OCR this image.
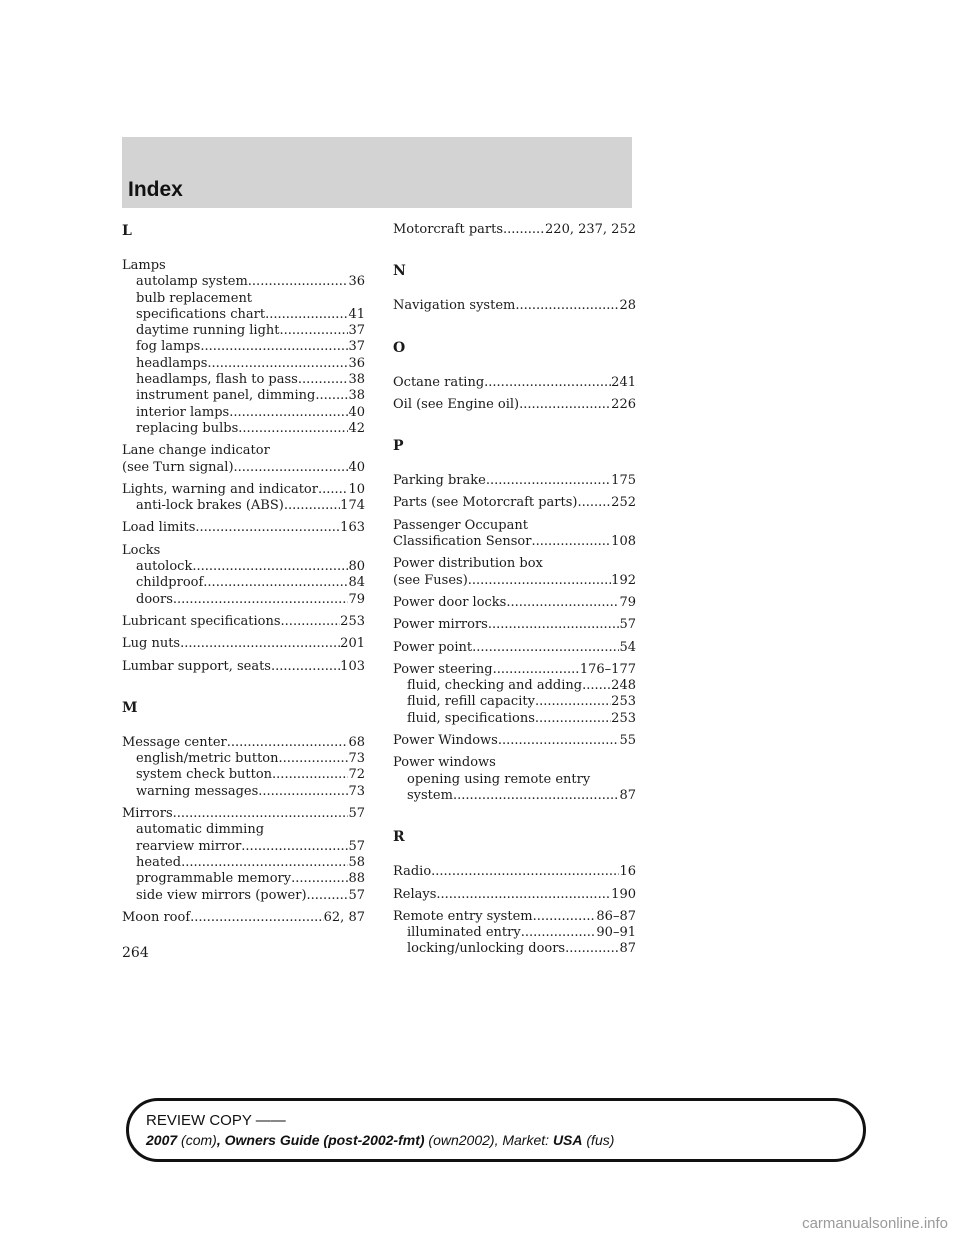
Index
L
Lamps
autolamp system .....	36
bulb replacement
specifications chart .....	41
daytime running light .....	37
fog lamps .....	37
headlamps .....	36
headlamps, flash to pass .....	38
instrument panel, dimming .....	38
interior lamps .....	40
replacing bulbs .....	42
Lane change indicator
(see Turn signal) .....	40
Lights, warning and indicator ..... 10
anti-lock brakes (ABS) .....	174
Load limits .....	163
Locks
autolock .....	80
childproof .....	84
doors .....	79
Lubricant specifications .....	253
Lug nuts .....	201
Lumbar support, seats .....	103
M
Message center .....	68
english/metric button .....	73
system check button .....	72
warning messages .....	73
Mirrors .....	57
automatic dimming
rearview mirror .....	57
heated .....	58
programmable memory .....	88
side view mirrors (power) .....	57
Moon roof .....	62, 87
Motorcraft parts .....	220, 237, 252
N
Navigation system .....	28
O
Octane rating .....	241
Oil (see Engine oil) .....	226
P
Parking brake .....	175
Parts (see Motorcraft parts) .....	252
Passenger Occupant
Classification Sensor .....	108
Power distribution box
(see Fuses) .....	192
Power door locks .....	79
Power mirrors .....	57
Power point .....	54
Power steering .....	176–177
fluid, checking and adding ..... 248
fluid, refill capacity .....	253
fluid, specifications .....	253
Power Windows .....	55
Power windows
opening using remote entry
system .....	87
R
Radio .....	16
Relays .....	190
Remote entry system .....	86–87
illuminated entry .....	90–91
locking/unlocking doors .....	87
264
REVIEW COPY ——
2007 (com), Owners Guide (post-2002-fmt) (own2002), Market: USA (fus)
carmanualsonline.info
